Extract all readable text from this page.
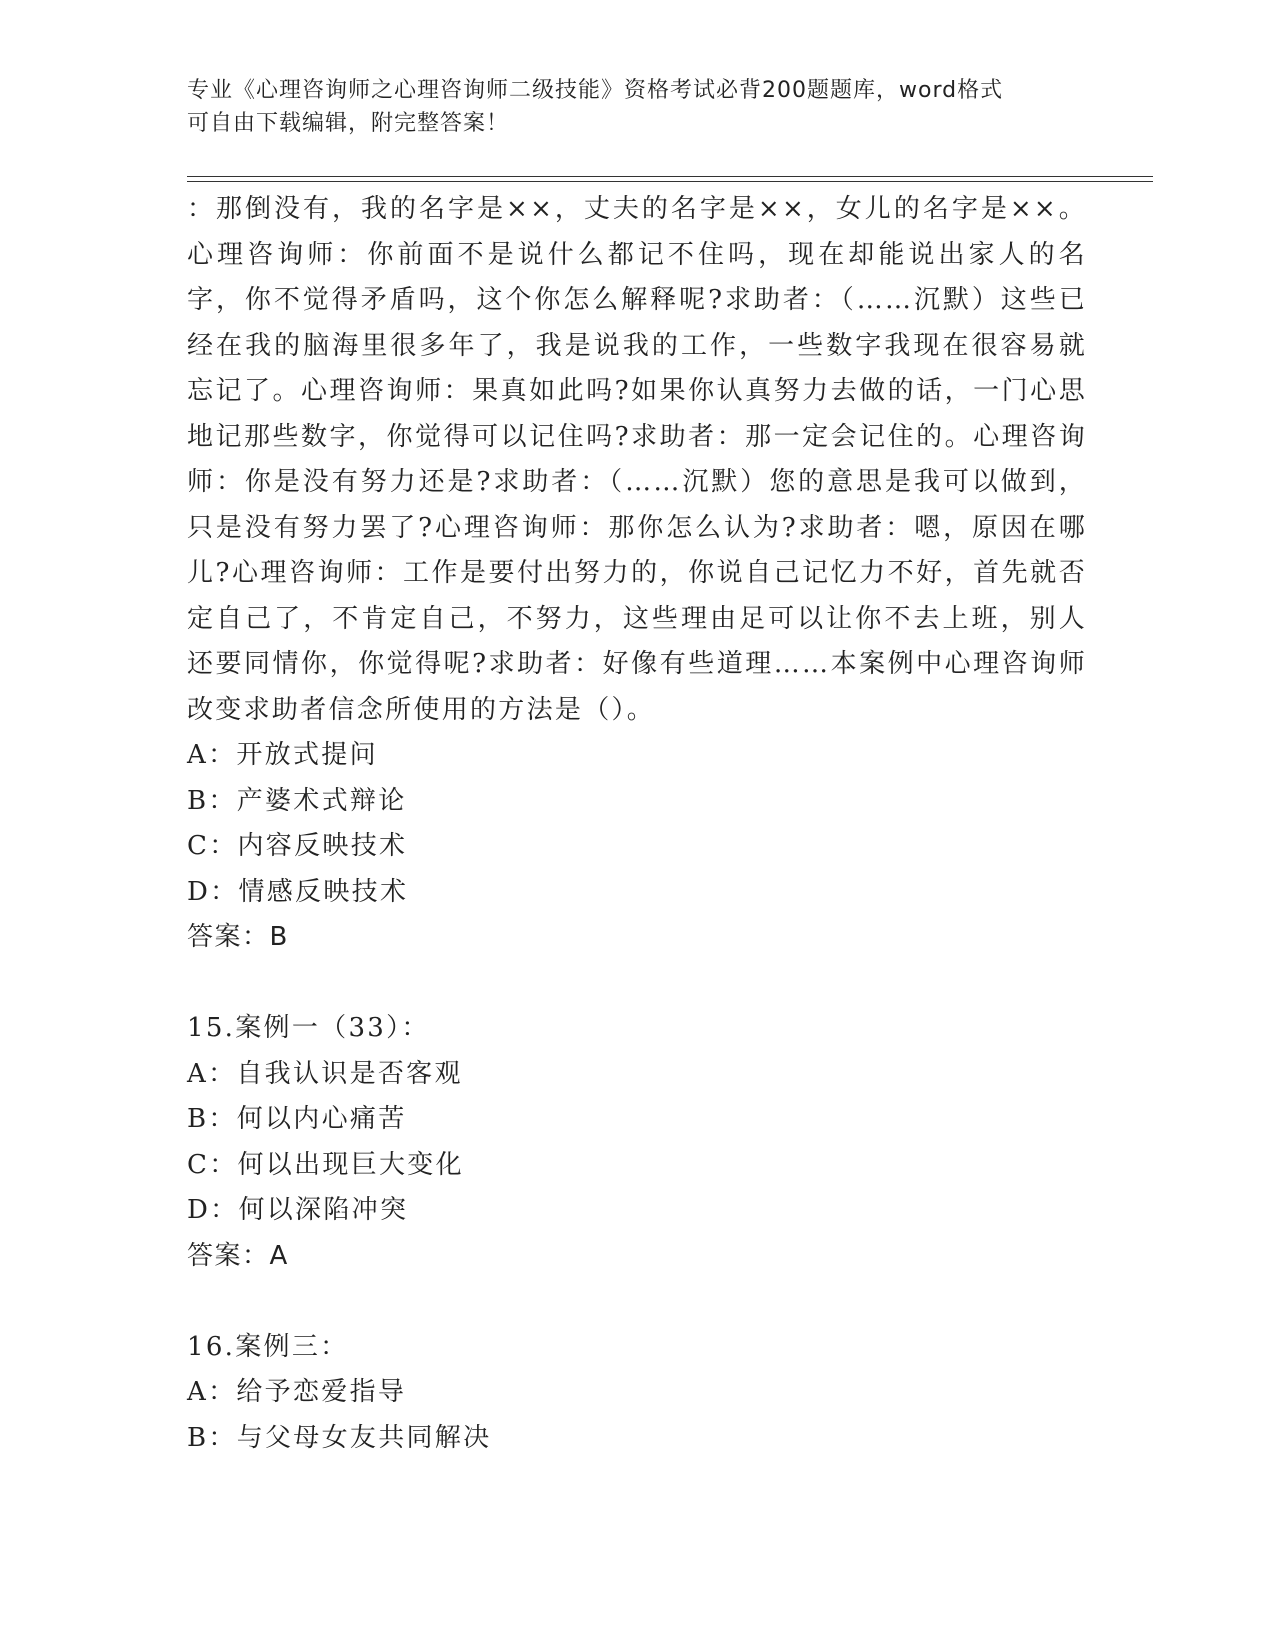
专业《心理咨询师之心理咨询师二级技能》资格考试必背200题题库，word格式
可自由下载编辑，附完整答案！

：那倒没有，我的名字是××，丈夫的名字是××，女儿的名字是××。心理咨询师：你前面不是说什么都记不住吗，现在却能说出家人的名字，你不觉得矛盾吗，这个你怎么解释呢?求助者：（……沉默）这些已经在我的脑海里很多年了，我是说我的工作，一些数字我现在很容易就忘记了。心理咨询师：果真如此吗?如果你认真努力去做的话，一门心思地记那些数字，你觉得可以记住吗?求助者：那一定会记住的。心理咨询师：你是没有努力还是?求助者：（……沉默）您的意思是我可以做到，只是没有努力罢了?心理咨询师：那你怎么认为?求助者：嗯，原因在哪儿?心理咨询师：工作是要付出努力的，你说自己记忆力不好，首先就否定自己了，不肯定自己，不努力，这些理由足可以让你不去上班，别人还要同情你，你觉得呢?求助者：好像有些道理……本案例中心理咨询师改变求助者信念所使用的方法是（）。

A：开放式提问

B：产婆术式辩论

C：内容反映技术

D：情感反映技术

答案：B

15.案例一（33）：

A：自我认识是否客观

B：何以内心痛苦

C：何以出现巨大变化

D：何以深陷冲突

答案：A

16.案例三：

A：给予恋爱指导

B：与父母女友共同解决
